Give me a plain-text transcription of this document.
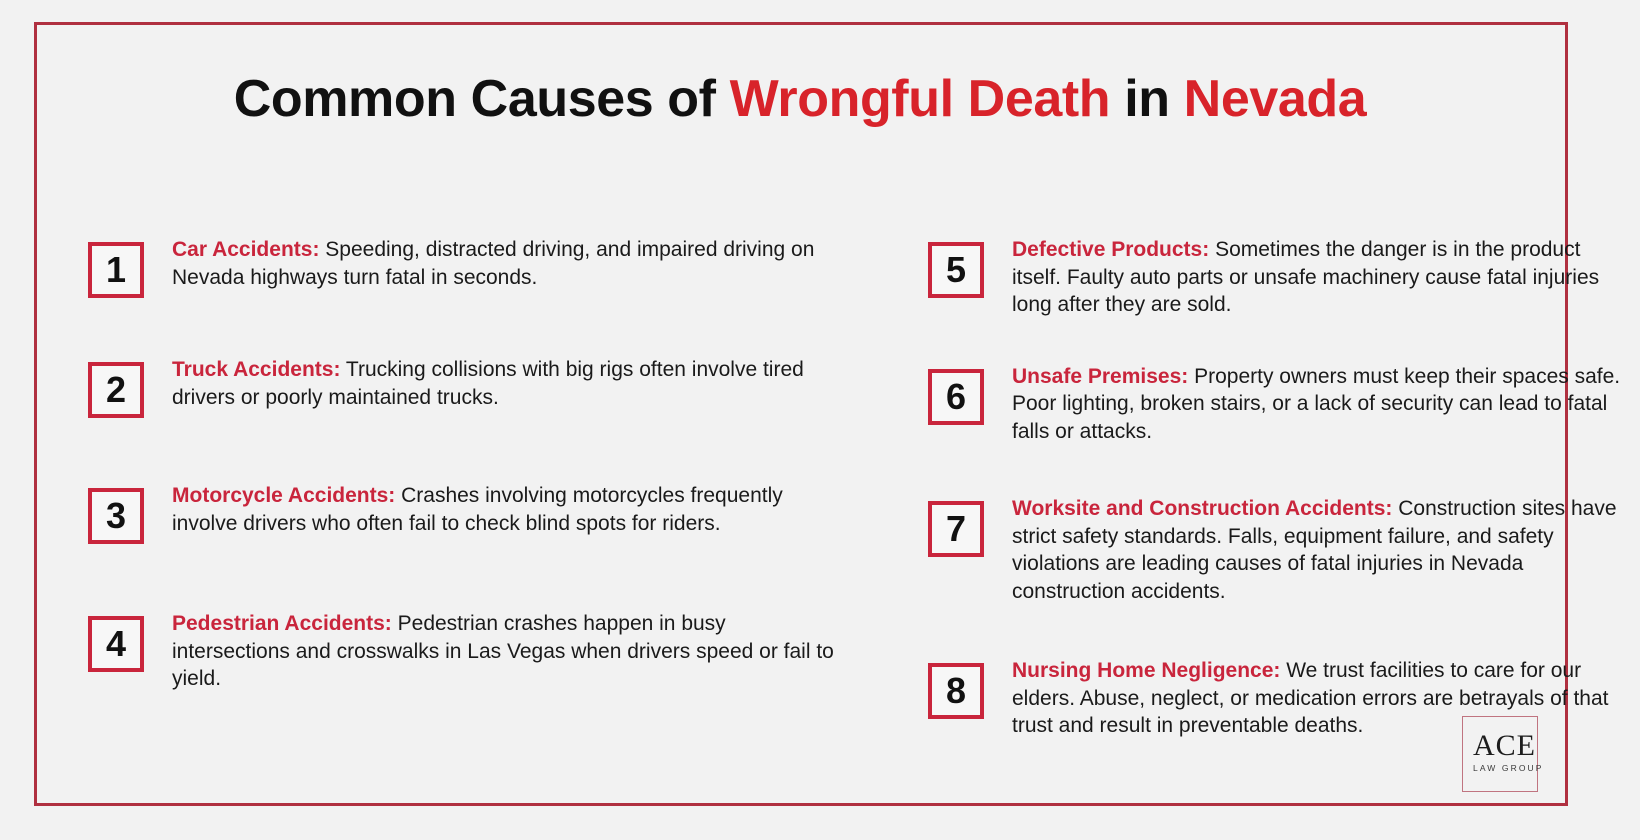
Common Causes of Wrongful Death in Nevada
1	Car Accidents: Speeding, distracted driving, and impaired driving on Nevada highways turn fatal in seconds.
2	Truck Accidents: Trucking collisions with big rigs often involve tired drivers or poorly maintained trucks.
3	Motorcycle Accidents: Crashes involving motorcycles frequently involve drivers who often fail to check blind spots for riders.
4	Pedestrian Accidents: Pedestrian crashes happen in busy intersections and crosswalks in Las Vegas when drivers speed or fail to yield.
5	Defective Products: Sometimes the danger is in the product itself. Faulty auto parts or unsafe machinery cause fatal injuries long after they are sold.
6	Unsafe Premises: Property owners must keep their spaces safe. Poor lighting, broken stairs, or a lack of security can lead to fatal falls or attacks.
7	Worksite and Construction Accidents: Construction sites have strict safety standards. Falls, equipment failure, and safety violations are leading causes of fatal injuries in Nevada construction accidents.
8	Nursing Home Negligence: We trust facilities to care for our elders. Abuse, neglect, or medication errors are betrayals of that trust and result in preventable deaths.
ACE
LAW GROUP
